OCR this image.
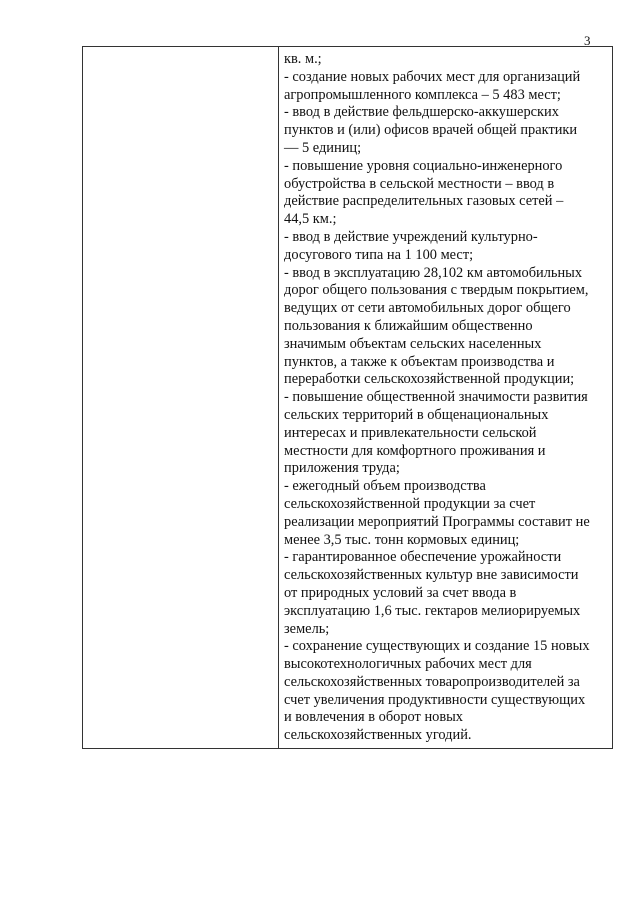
3

кв. м.;
- создание новых рабочих мест для организаций
агропромышленного комплекса – 5 483 мест;
- ввод в действие фельдшерско-аккушерских
пунктов и (или) офисов врачей общей практики
— 5 единиц;
- повышение уровня социально-инженерного
обустройства в сельской местности – ввод в
действие распределительных газовых сетей –
44,5 км.;
- ввод в действие учреждений культурно-
досугового типа на 1 100 мест;
- ввод в эксплуатацию 28,102 км автомобильных
дорог общего пользования с твердым покрытием,
ведущих от сети автомобильных дорог общего
пользования к ближайшим общественно
значимым объектам сельских населенных
пунктов, а также к объектам производства и
переработки сельскохозяйственной продукции;
- повышение общественной значимости развития
сельских территорий в общенациональных
интересах и привлекательности сельской
местности для комфортного проживания и
приложения труда;
- ежегодный объем производства
сельскохозяйственной продукции за счет
реализации мероприятий Программы составит не
менее 3,5 тыс. тонн кормовых единиц;
- гарантированное обеспечение урожайности
сельскохозяйственных культур вне зависимости
от природных условий за счет ввода в
эксплуатацию 1,6 тыс. гектаров мелиорируемых
земель;
- сохранение существующих и создание 15 новых
высокотехнологичных рабочих мест для
сельскохозяйственных товаропроизводителей за
счет увеличения продуктивности существующих
и вовлечения в оборот новых
сельскохозяйственных угодий.
